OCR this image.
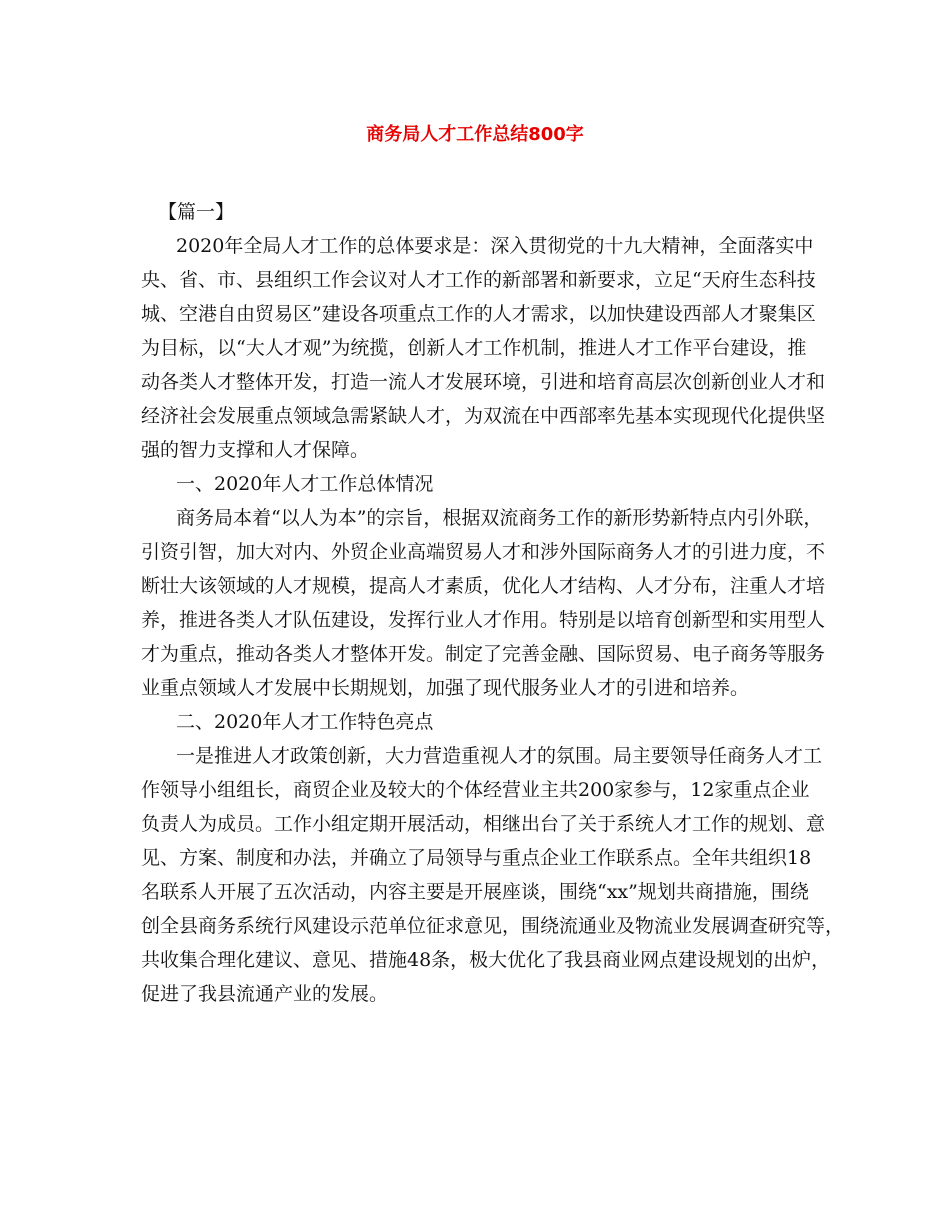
商务局人才工作总结800字
【篇一】
2020年全局人才工作的总体要求是：深入贯彻党的十九大精神，全面落实中
央、省、市、县组织工作会议对人才工作的新部署和新要求，立足“天府生态科技
城、空港自由贸易区”建设各项重点工作的人才需求，以加快建设西部人才聚集区
为目标，以“大人才观”为统揽，创新人才工作机制，推进人才工作平台建设，推
动各类人才整体开发，打造一流人才发展环境，引进和培育高层次创新创业人才和
经济社会发展重点领域急需紧缺人才，为双流在中西部率先基本实现现代化提供坚
强的智力支撑和人才保障。
一、2020年人才工作总体情况
商务局本着“以人为本”的宗旨，根据双流商务工作的新形势新特点内引外联，
引资引智，加大对内、外贸企业高端贸易人才和涉外国际商务人才的引进力度，不
断壮大该领域的人才规模，提高人才素质，优化人才结构、人才分布，注重人才培
养，推进各类人才队伍建设，发挥行业人才作用。特别是以培育创新型和实用型人
才为重点，推动各类人才整体开发。制定了完善金融、国际贸易、电子商务等服务
业重点领域人才发展中长期规划，加强了现代服务业人才的引进和培养。
二、2020年人才工作特色亮点
一是推进人才政策创新，大力营造重视人才的氛围。局主要领导任商务人才工
作领导小组组长，商贸企业及较大的个体经营业主共200家参与，12家重点企业
负责人为成员。工作小组定期开展活动，相继出台了关于系统人才工作的规划、意
见、方案、制度和办法，并确立了局领导与重点企业工作联系点。全年共组织18
名联系人开展了五次活动，内容主要是开展座谈，围绕“xx”规划共商措施，围绕
创全县商务系统行风建设示范单位征求意见，围绕流通业及物流业发展调查研究等，
共收集合理化建议、意见、措施48条，极大优化了我县商业网点建设规划的出炉，
促进了我县流通产业的发展。
